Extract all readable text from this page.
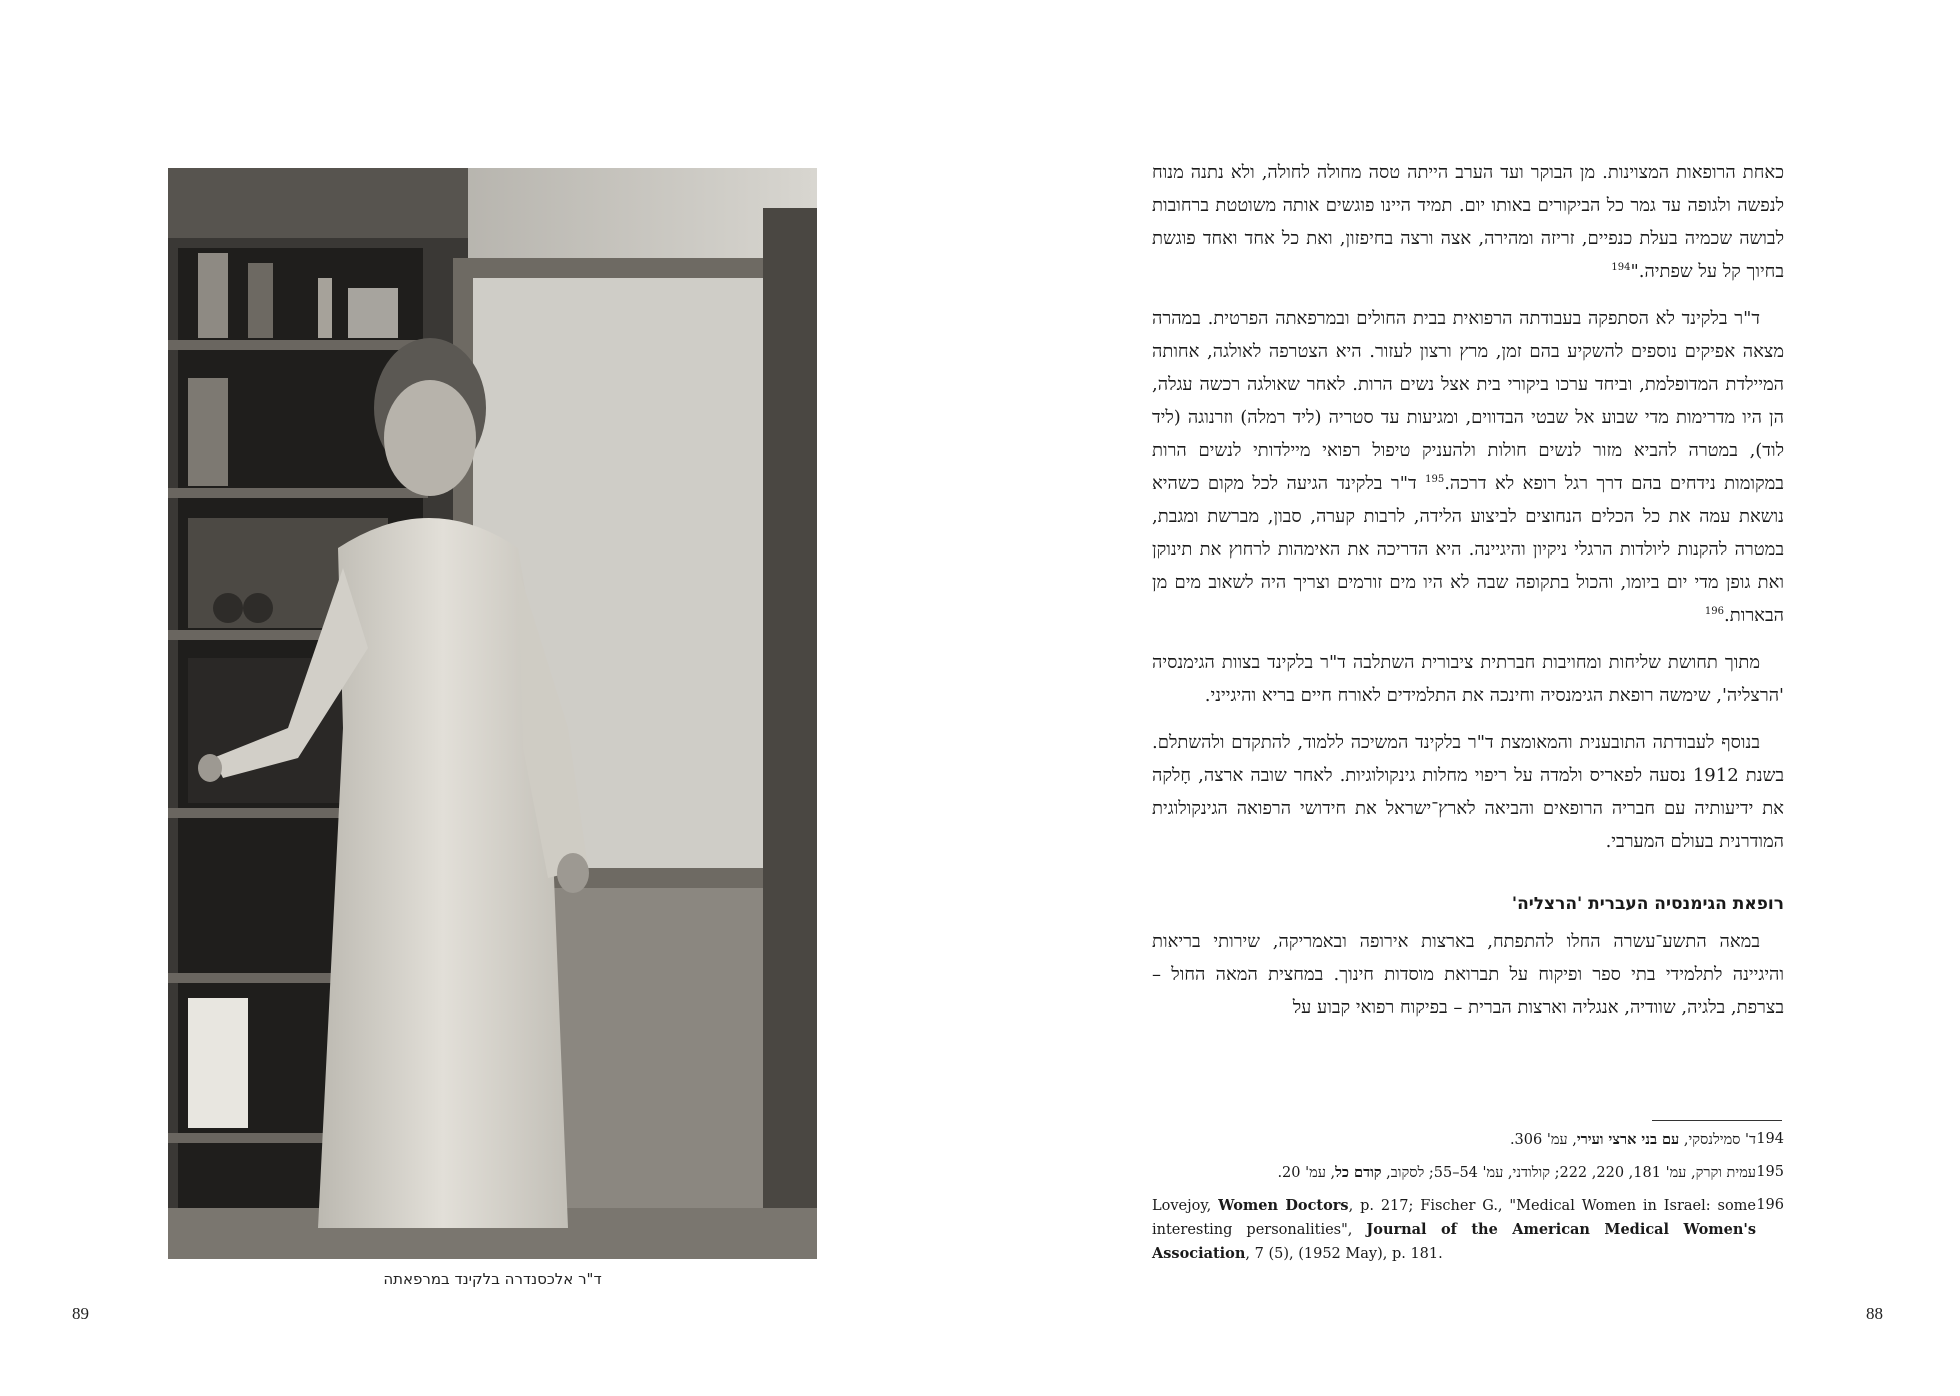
ד"ר אלכסנדרה בלקינד במרפאתה
89

כאחת הרופאות המצוינות. מן הבוקר ועד הערב הייתה טסה מחולה לחולה, ולא נתנה מנוח לנפשה ולגופה עד גמר כל הביקורים באותו יום. תמיד היינו פוגשים אותה משוטטת ברחובות לבושה שכמיה בעלת כנפיים, זריזה ומהירה, אצה ורצה בחיפזון, ואת כל אחד ואחד פוגשת בחיוך קל על שפתיה."$^{194}$

ד"ר בלקינד לא הסתפקה בעבודתה הרפואית בבית החולים ובמרפאתה הפרטית. במהרה מצאה אפיקים נוספים להשקיע בהם זמן, מרץ ורצון לעזור. היא הצטרפה לאולגה, אחותה המיילדת המדופלמת, וביחד ערכו ביקורי בית אצל נשים הרות. לאחר שאולגה רכשה עגלה, הן היו מדרימות מדי שבוע אל שבטי הבדווים, ומגיעות עד סטריה (ליד רמלה) וזרנוגה (ליד לוד), במטרה להביא מזור לנשים חולות ולהעניק טיפול רפואי מיילדותי לנשים הרות במקומות נידחים בהם דרך רגל רופא לא דרכה.$^{195}$ ד"ר בלקינד הגיעה לכל מקום כשהיא נושאת עמה את כל הכלים הנחוצים לביצוע הלידה, לרבות קערה, סבון, מברשת ומגבת, במטרה להקנות ליולדות הרגלי ניקיון והיגיינה. היא הדריכה את האימהות לרחוץ את תינוקן ואת גופן מדי יום ביומו, והכול בתקופה שבה לא היו מים זורמים וצריך היה לשאוב מים מן הבארות.$^{196}$

מתוך תחושת שליחות ומחויבות חברתית ציבורית השתלבה ד"ר בלקינד בצוות הגימנסיה 'הרצליה', שימשה רופאת הגימנסיה וחינכה את התלמידים לאורח חיים בריא והיגייני.

בנוסף לעבודתה התובענית והמאומצת ד"ר בלקינד המשיכה ללמוד, להתקדם ולהשתלם. בשנת 1912 נסעה לפאריס ולמדה על ריפוי מחלות גינקולוגיות. לאחר שובה ארצה, חָלקה את ידיעותיה עם חבריה הרופאים והביאה לארץ־ישראל את חידושי הרפואה הגינקולוגית המודרנית בעולם המערבי.

רופאת הגימנסיה העברית 'הרצליה'

במאה התשע־עשרה החלו להתפתח, בארצות אירופה ובאמריקה, שירותי בריאות והיגיינה לתלמידי בתי ספר ופיקוח על תברואת מוסדות חינוך. במחצית המאה החול – בצרפת, בלגיה, שוודיה, אנגליה וארצות הברית – בפיקוח רפואי קבוע על

194
ד' סמילנסקי, עם בני ארצי ועירי, עמ' 306.
195
עמית וקרק, עמ' 181, 220, 222; קולודני, עמ' 54–55; לסקוב, קודם כל, עמ' 20.
196
Lovejoy, Women Doctors, p. 217; Fischer G., "Medical Women in Israel: some interesting personalities", Journal of the American Medical Women's Association, 7 (5), (1952 May), p. 181.
88
